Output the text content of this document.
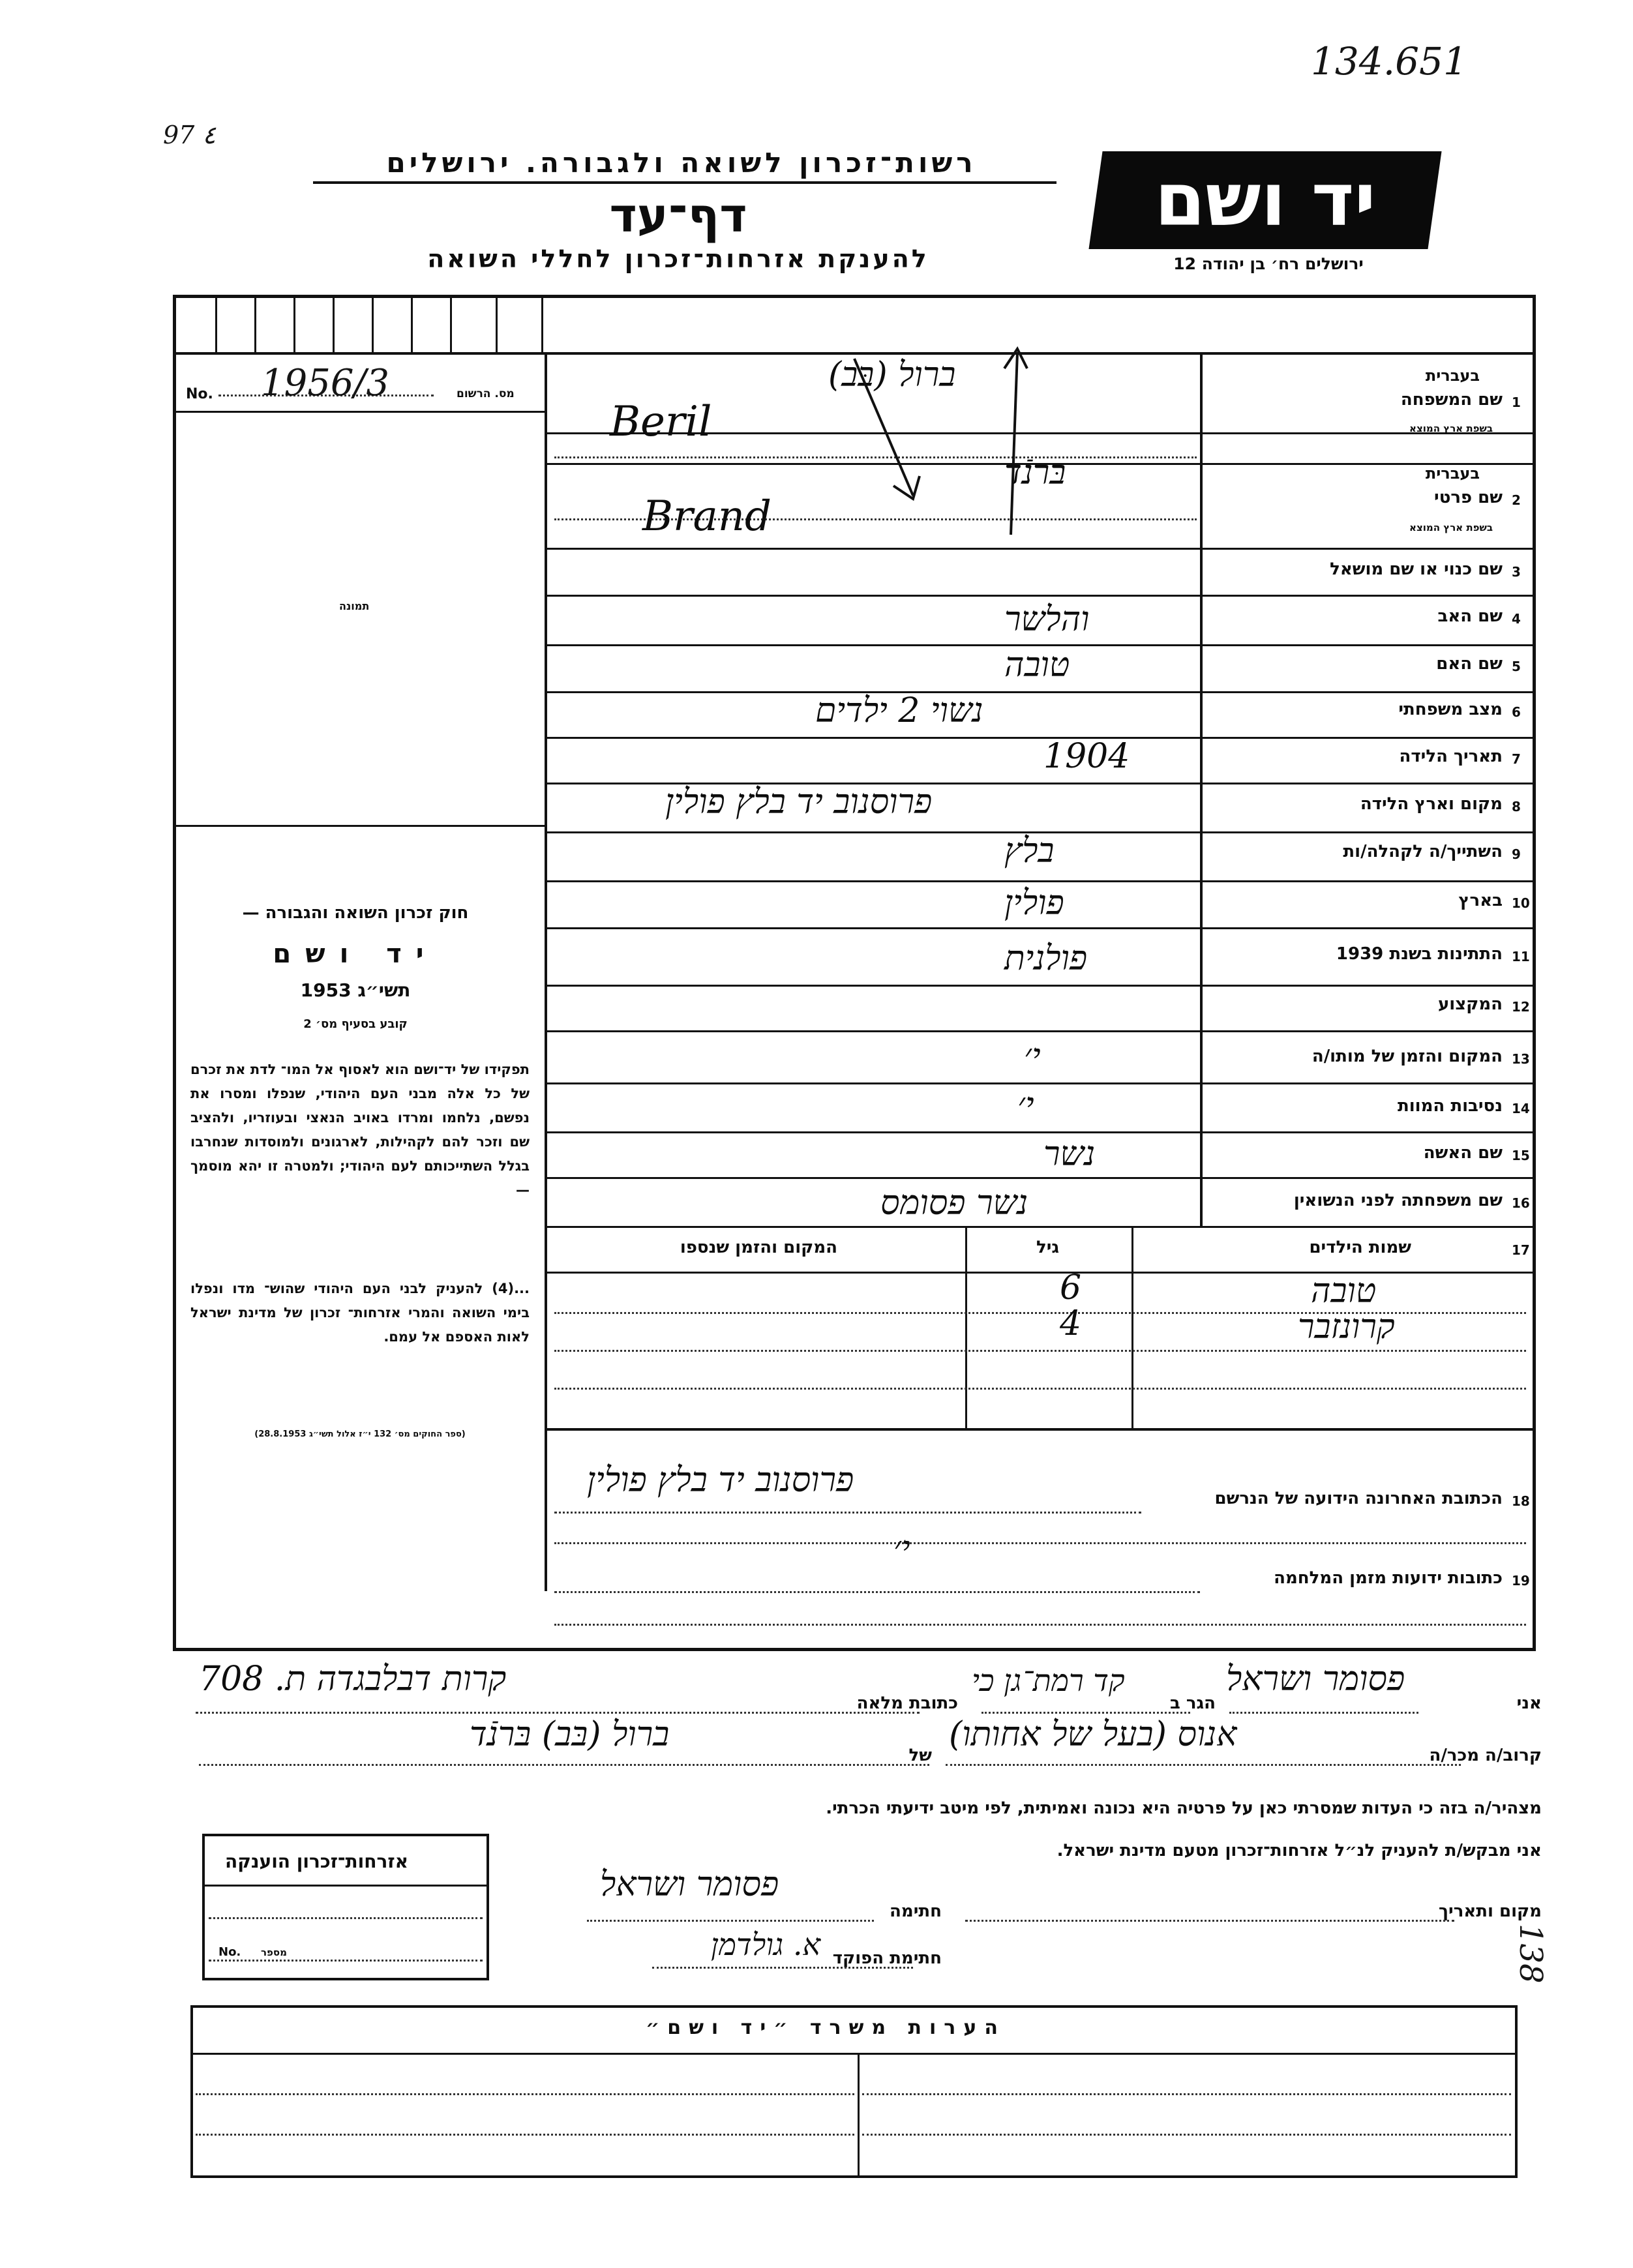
134.651
97 ٤
138
רשות־זכרון לשואה ולגבורה. ירושלים
דף־עד
להענקת אזרחות־זכרון לחללי השואה
יד ושם
ירושלים רח׳ בן יהודה 12
No. 1956/3	מס. הרשום
תמונה
חוק זכרון השואה והגבורה —
יד ושם
תשי״ג 1953
קובע בסעיף מס׳ 2
תפקידו של יד־ושם הוא לאסוף אל המו־ לדת את זכרם של כל אלה מבני העם היהודי, שנפלו ומסרו את נפשם, נלחמו ומרדו באויב הנאצי ובעוזריו, ולהציב שם וזכר להם לקהילות, לארגונים ולמוסדות שנחרבו בגלל השתייכותם לעם היהודי; ולמטרה זו יהא מוסמך —
...(4) להעניק לבני העם היהודי שהוש־ מדו ונפלו בימי השואה והמרי אזרחות־ זכרון של מדינת ישראל לאות האספם אל עמם.
(ספר החוקים מס׳ 132 י״ז אלול תשי״ג 28.8.1953)
1
שם המשפחה
בעברית
בשפת ארץ המוצא
ברול (בּב)
Beril
2
שם פרטי
בעברית
בשפת ארץ המוצא
בּרנֿד
Brand
3
שם כנוי או שם מושאל
4
שם האב
והלשר
5
שם האם
טובה
6
מצב משפחתי
נשוי 2 ילדים
7
תאריך הלידה
1904
8
מקום וארץ הלידה
פרוסנוב יד בלץ פולין
9
השתייך/ה לקהלה/ות
בלץ
10
בארץ
פולין
11
התתינות בשנת 1939
פולנית
12
המקצוע
13
המקום והזמן של מותו/ה
י׳
14
נסיבות המוות
י׳
15
שם האשה
נשר
16
שם משפחתה לפני הנשואין
נשר פסומס
17
שמות הילדים
גיל
המקום והזמן שנספו
טובה
6
קרונזבר
4
18
הכתובת האחרונה הידועה של הנרשם
פרוסנוב יד בלץ פולין
19
כתובות ידועות מזמן המלחמה
י׳
אני
פסומר ושראל
הגר ב
קד רמת־גן כי
כתובת מלאה
קרות דבלבגדה ת. 708
קרוב/ה מכר/ה
אנוס (בעל של אחותו)
של
ברול (בּב) בּרנֿד
מצהיר/ה בזה כי העדות שמסרתי כאן על פרטיה היא נכונה ואמיתית, לפי מיטב ידיעתי הכרתי.
אני מבקש/ת להעניק לנ״ל אזרחות־זכרון מטעם מדינת ישראל.
מקום ותאריך
חתימה
פסומר ושראל
חתימת הפוקד
א. גולדמן
אזרחות־זכרון הוענקה
No. מספר
הערות משרד ״יד ושם״
